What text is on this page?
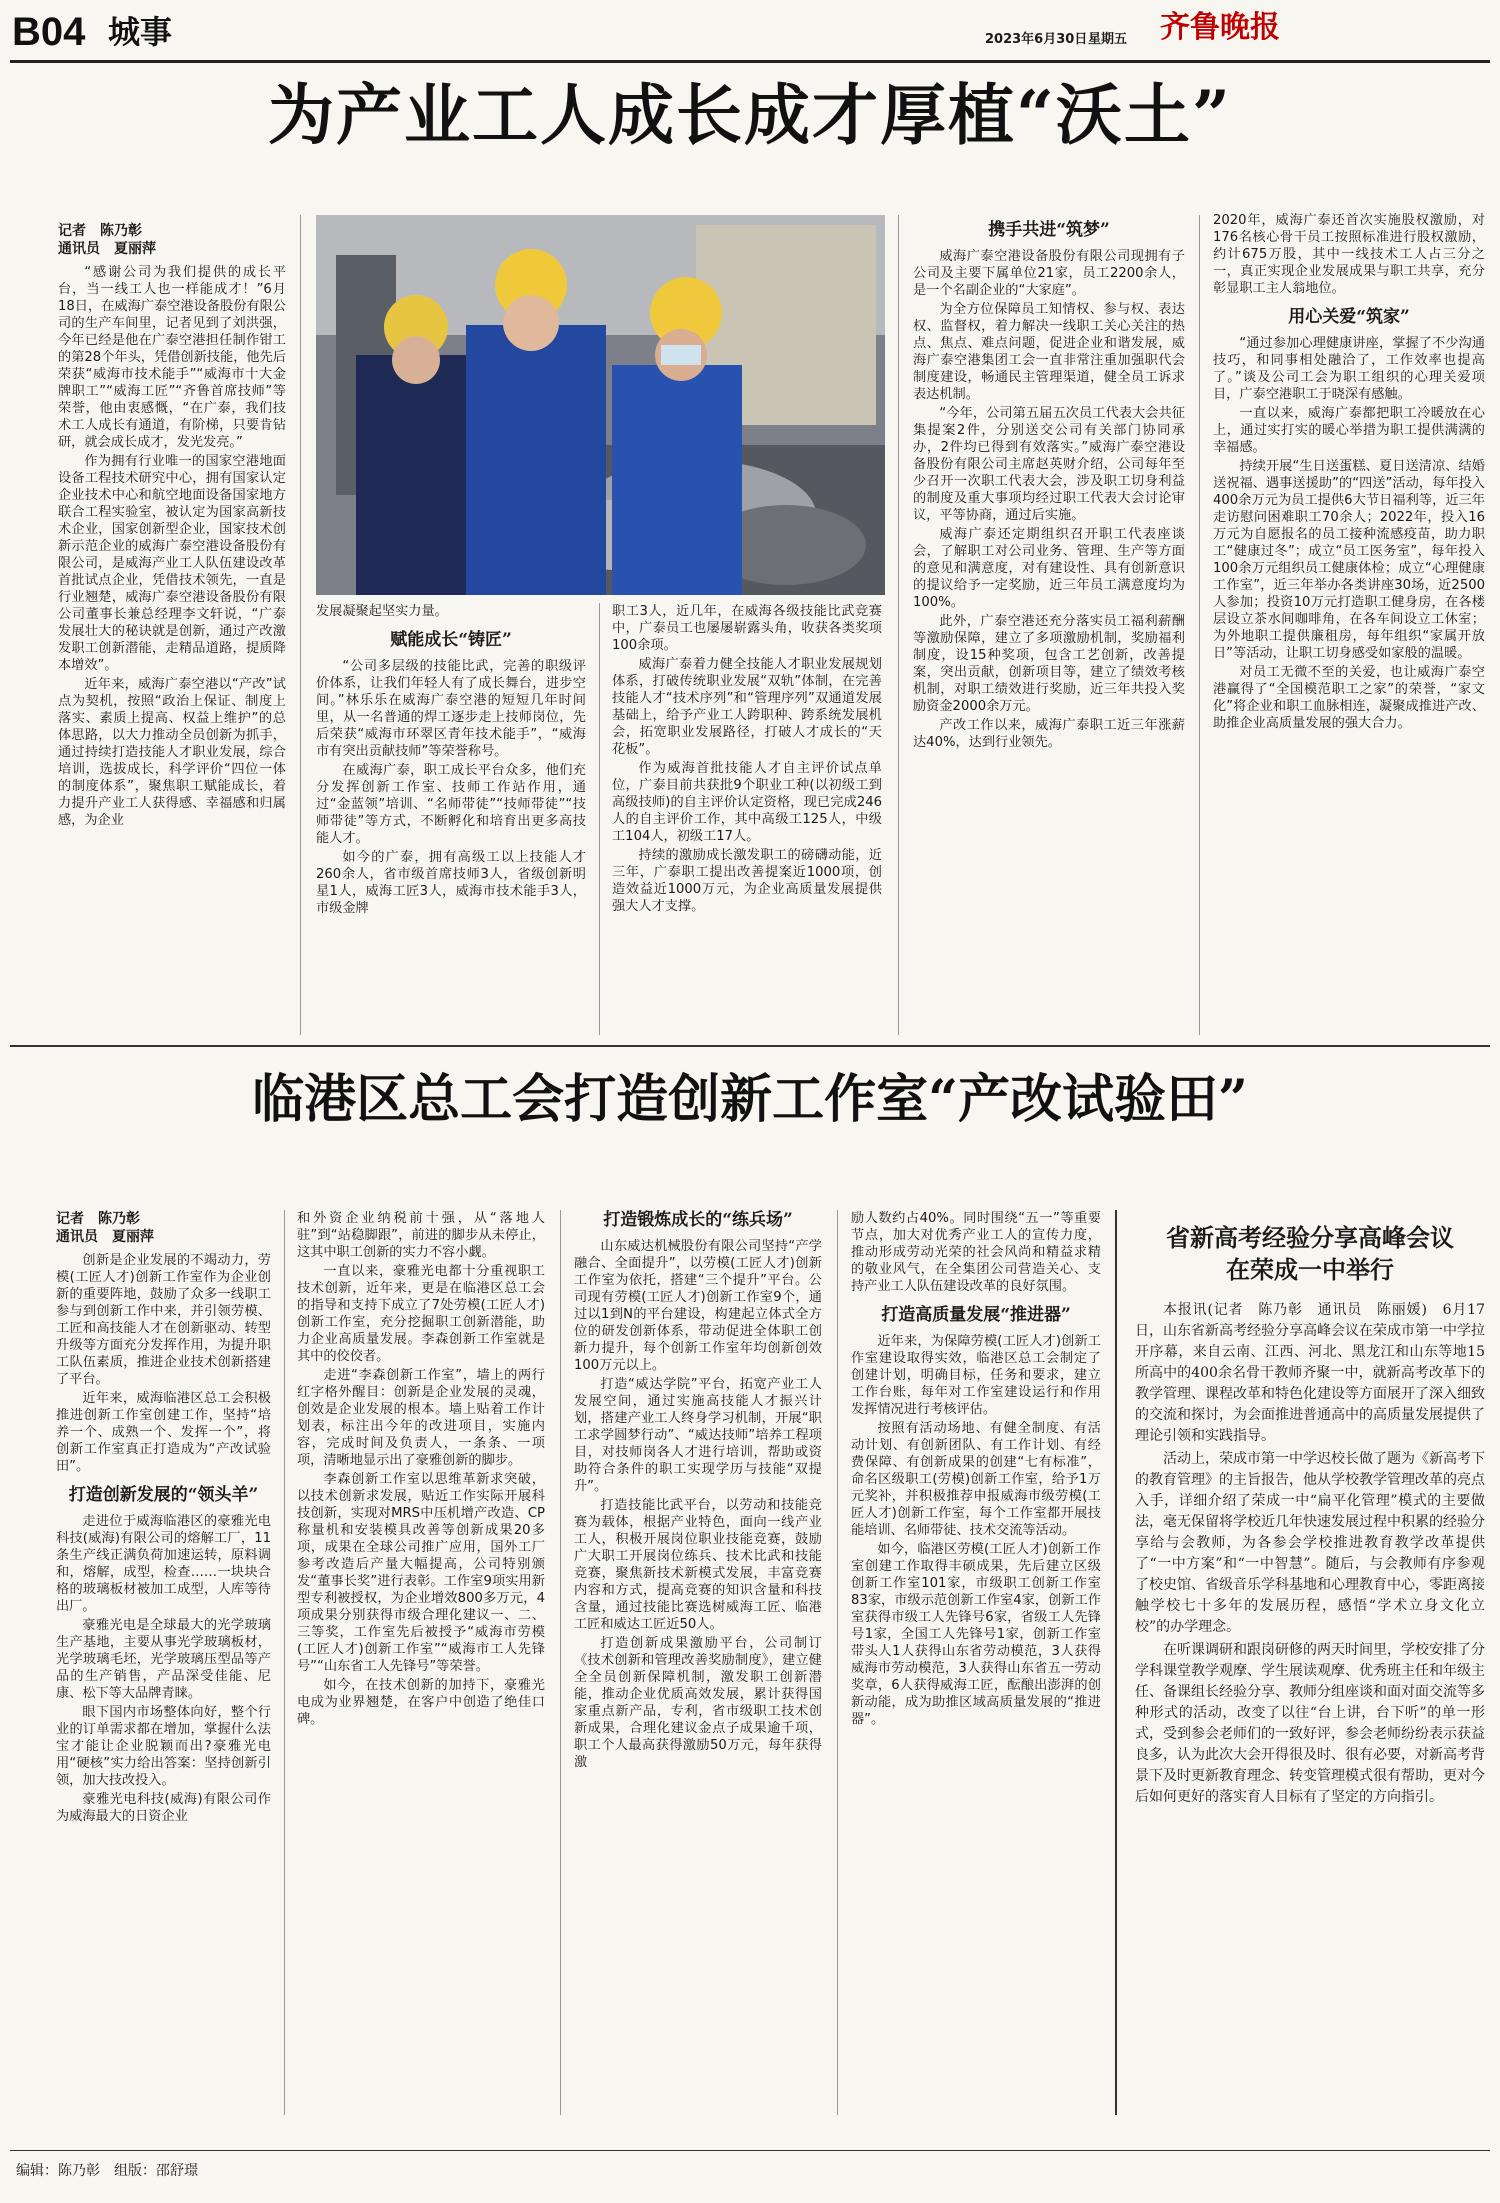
B04 城事	2023年6月30日 星期五 齐鲁晚报
为产业工人成长成才厚植“沃土”
记者　陈乃彰
通讯员　夏丽萍

“感谢公司为我们提供的成长平台，当一线工人也一样能成才！”6月18日，在威海广泰空港设备股份有限公司的生产车间里，记者见到了刘洪强，今年已经是他在广泰空港担任制作钳工的第28个年头，凭借创新技能，他先后荣获“威海市技术能手”“威海市十大金牌职工”“威海工匠”“齐鲁首席技师”等荣誉，他由衷感慨，“在广泰，我们技术工人成长有通道，有阶梯，只要肯钻研，就会成长成才，发光发亮。”

作为拥有行业唯一的国家空港地面设备工程技术研究中心，拥有国家认定企业技术中心和航空地面设备国家地方联合工程实验室，被认定为国家高新技术企业，国家创新型企业，国家技术创新示范企业的威海广泰空港设备股份有限公司，是威海产业工人队伍建设改革首批试点企业，凭借技术领先，一直是行业翘楚，威海广泰空港设备股份有限公司董事长兼总经理李文轩说，“广泰发展壮大的秘诀就是创新，通过产改激发职工创新潜能，走精品道路，提质降本增效”。

近年来，威海广泰空港以“产改”试点为契机，按照“政治上保证、制度上落实、素质上提高、权益上维护”的总体思路，以大力推动全员创新为抓手，通过持续打造技能人才职业发展，综合培训，选拔成长，科学评价“四位一体的制度体系”，聚焦职工赋能成长，着力提升产业工人获得感、幸福感和归属感，为企业

发展凝聚起坚实力量。

赋能成长“铸匠”

“公司多层级的技能比武，完善的职级评价体系，让我们年轻人有了成长舞台，进步空间。”林乐乐在威海广泰空港的短短几年时间里，从一名普通的焊工逐步走上技师岗位，先后荣获“威海市环翠区青年技术能手”，“威海市有突出贡献技师”等荣誉称号。

在威海广泰，职工成长平台众多，他们充分发挥创新工作室、技师工作站作用，通过“金蓝领”培训、“名师带徒”“技师带徒”“技师带徒”等方式，不断孵化和培育出更多高技能人才。

如今的广泰，拥有高级工以上技能人才260余人，省市级首席技师3人，省级创新明星1人，威海工匠3人，威海市技术能手3人，市级金牌

职工3人，近几年，在威海各级技能比武竞赛中，广泰员工也屡屡崭露头角，收获各类奖项100余项。

威海广泰着力健全技能人才职业发展规划体系，打破传统职业发展“双轨”体制，在完善技能人才“技术序列”和“管理序列”双通道发展基础上，给予产业工人跨职种、跨系统发展机会，拓宽职业发展路径，打破人才成长的“天花板”。

作为威海首批技能人才自主评价试点单位，广泰目前共获批9个职业工种(以初级工到高级技师)的自主评价认定资格，现已完成246人的自主评价工作，其中高级工125人，中级工104人，初级工17人。

持续的激励成长激发职工的磅礴动能，近三年，广泰职工提出改善提案近1000项，创造效益近1000万元，为企业高质量发展提供强大人才支撑。

携手共进“筑梦”

威海广泰空港设备股份有限公司现拥有子公司及主要下属单位21家，员工2200余人，是一个名副企业的“大家庭”。

为全方位保障员工知情权、参与权、表达权、监督权，着力解决一线职工关心关注的热点、焦点、难点问题，促进企业和谐发展，威海广泰空港集团工会一直非常注重加强职代会制度建设，畅通民主管理渠道，健全员工诉求表达机制。

“今年，公司第五届五次员工代表大会共征集提案2件，分别送交公司有关部门协同承办，2件均已得到有效落实。”威海广泰空港设备股份有限公司主席赵英财介绍，公司每年至少召开一次职工代表大会，涉及职工切身利益的制度及重大事项均经过职工代表大会讨论审议，平等协商，通过后实施。

威海广泰还定期组织召开职工代表座谈会，了解职工对公司业务、管理、生产等方面的意见和满意度，对有建设性、具有创新意识的提议给予一定奖励，近三年员工满意度均为100%。

此外，广泰空港还充分落实员工福利薪酬等激励保障，建立了多项激励机制，奖励福利制度，设15种奖项，包含工艺创新，改善提案，突出贡献，创新项目等，建立了绩效考核机制，对职工绩效进行奖励，近三年共投入奖励资金2000余万元。

产改工作以来，威海广泰职工近三年涨薪达40%，达到行业领先。

2020年，威海广泰还首次实施股权激励，对176名核心骨干员工按照标准进行股权激励，约计675万股，其中一线技术工人占三分之一，真正实现企业发展成果与职工共享，充分彰显职工主人翁地位。

用心关爱“筑家”

“通过参加心理健康讲座，掌握了不少沟通技巧，和同事相处融洽了，工作效率也提高了。”谈及公司工会为职工组织的心理关爱项目，广泰空港职工于晓深有感触。

一直以来，威海广泰都把职工冷暖放在心上，通过实打实的暖心举措为职工提供满满的幸福感。

持续开展“生日送蛋糕、夏日送清凉、结婚送祝福、遇事送援助”的“四送”活动，每年投入400余万元为员工提供6大节日福利等，近三年走访慰问困难职工70余人；2022年，投入16万元为自愿报名的员工接种流感疫苗，助力职工“健康过冬”；成立“员工医务室”，每年投入100余万元组织员工健康体检；成立“心理健康工作室”，近三年举办各类讲座30场，近2500人参加；投资10万元打造职工健身房，在各楼层设立茶水间咖啡角，在各车间设立工休室；为外地职工提供廉租房，每年组织“家属开放日”等活动，让职工切身感受如家般的温暖。

对员工无微不至的关爱，也让威海广泰空港赢得了“全国模范职工之家”的荣誉，“家文化”将企业和职工血脉相连，凝聚成推进产改、助推企业高质量发展的强大合力。

临港区总工会打造创新工作室“产改试验田”
记者　陈乃彰
通讯员　夏丽萍

创新是企业发展的不竭动力，劳模(工匠人才)创新工作室作为企业创新的重要阵地，鼓励了众多一线职工参与到创新工作中来，并引领劳模、工匠和高技能人才在创新驱动、转型升级等方面充分发挥作用，为提升职工队伍素质，推进企业技术创新搭建了平台。

近年来，威海临港区总工会积极推进创新工作室创建工作，坚持“培养一个、成熟一个、发挥一个”，将创新工作室真正打造成为“产改试验田”。

打造创新发展的“领头羊”

走进位于威海临港区的豪雅光电科技(威海)有限公司的熔解工厂，11条生产线正满负荷加速运转，原料调和，熔解，成型，检查……一块块合格的玻璃板材被加工成型，人库等待出厂。

豪雅光电是全球最大的光学玻璃生产基地，主要从事光学玻璃板材，光学玻璃毛坯，光学玻璃压型品等产品的生产销售，产品深受佳能、尼康、松下等大品牌青睐。

眼下国内市场整体向好，整个行业的订单需求都在增加，掌握什么法宝才能让企业脱颖而出?豪雅光电用“硬核”实力给出答案：坚持创新引领，加大技改投入。

豪雅光电科技(威海)有限公司作为威海最大的日资企业

和外资企业纳税前十强，从“落地人驻”到“站稳脚跟”，前进的脚步从未停止，这其中职工创新的实力不容小觑。

一直以来，豪雅光电都十分重视职工技术创新，近年来，更是在临港区总工会的指导和支持下成立了7处劳模(工匠人才)创新工作室，充分挖掘职工创新潜能，助力企业高质量发展。李森创新工作室就是其中的佼佼者。

走进“李森创新工作室”，墙上的两行红字格外醒目：创新是企业发展的灵魂，创效是企业发展的根本。墙上贴着工作计划表，标注出今年的改进项目，实施内容，完成时间及负责人，一条条、一项项，清晰地显示出了豪雅创新的脚步。

李森创新工作室以思维革新求突破，以技术创新求发展，贴近工作实际开展科技创新，实现对MRS中压机增产改造、CP称量机和安装模具改善等创新成果20多项，成果在全球公司推广应用，国外工厂参考改造后产量大幅提高，公司特别颁发“董事长奖”进行表彰。工作室9项实用新型专利被授权，为企业增效800多万元，4项成果分别获得市级合理化建议一、二、三等奖，工作室先后被授予“威海市劳模(工匠人才)创新工作室”“威海市工人先锋号”“山东省工人先锋号”等荣誉。

如今，在技术创新的加持下，豪雅光电成为业界翘楚，在客户中创造了绝佳口碑。

打造锻炼成长的“练兵场”

山东威达机械股份有限公司坚持“产学融合、全面提升”，以劳模(工匠人才)创新工作室为依托，搭建“三个提升”平台。公司现有劳模(工匠人才)创新工作室9个，通过以1到N的平台建设，构建起立体式全方位的研发创新体系，带动促进全体职工创新力提升，每个创新工作室年均创新创效100万元以上。

打造“威达学院”平台，拓宽产业工人发展空间，通过实施高技能人才振兴计划，搭建产业工人终身学习机制，开展“职工求学圆梦行动”、“威达技师”培养工程项目，对技师岗各人才进行培训，帮助或资助符合条件的职工实现学历与技能“双提升”。

打造技能比武平台，以劳动和技能竞赛为载体，根据产业特色，面向一线产业工人，积极开展岗位职业技能竞赛，鼓励广大职工开展岗位练兵、技术比武和技能竞赛，聚焦新技术新模式发展，丰富竞赛内容和方式，提高竞赛的知识含量和科技含量，通过技能比赛选树威海工匠、临港工匠和威达工匠近50人。

打造创新成果激励平台，公司制订《技术创新和管理改善奖励制度》，建立健全全员创新保障机制，激发职工创新潜能，推动企业优质高效发展，累计获得国家重点新产品，专利，省市级职工技术创新成果，合理化建议金点子成果逾千项，职工个人最高获得激励50万元，每年获得激

励人数约占40%。同时围绕“五一”等重要节点，加大对优秀产业工人的宣传力度，推动形成劳动光荣的社会风尚和精益求精的敬业风气，在全集团公司营造关心、支持产业工人队伍建设改革的良好氛围。

打造高质量发展“推进器”

近年来，为保障劳模(工匠人才)创新工作室建设取得实效，临港区总工会制定了创建计划，明确目标，任务和要求，建立工作台账，每年对工作室建设运行和作用发挥情况进行考核评估。

按照有活动场地、有健全制度、有活动计划、有创新团队、有工作计划、有经费保障、有创新成果的创建“七有标准”，命名区级职工(劳模)创新工作室，给予1万元奖补，并积极推荐申报威海市级劳模(工匠人才)创新工作室，每个工作室都开展技能培训、名师带徒、技术交流等活动。

如今，临港区劳模(工匠人才)创新工作室创建工作取得丰硕成果，先后建立区级创新工作室101家，市级职工创新工作室83家，市级示范创新工作室4家，创新工作室获得市级工人先锋号6家，省级工人先锋号1家，全国工人先锋号1家，创新工作室带头人1人获得山东省劳动模范，3人获得威海市劳动模范，3人获得山东省五一劳动奖章，6人获得威海工匠，酝酿出澎湃的创新动能，成为助推区域高质量发展的“推进器”。

省新高考经验分享高峰会议在荣成一中举行

本报讯(记者　陈乃彰　通讯员　陈丽媛)　6月17日，山东省新高考经验分享高峰会议在荣成市第一中学拉开序幕，来自云南、江西、河北、黑龙江和山东等地15所高中的400余名骨干教师齐聚一中，就新高考改革下的教学管理、课程改革和特色化建设等方面展开了深入细致的交流和探讨，为会面推进普通高中的高质量发展提供了理论引领和实践指导。

活动上，荣成市第一中学迟校长做了题为《新高考下的教育管理》的主旨报告，他从学校教学管理改革的亮点入手，详细介绍了荣成一中“扁平化管理”模式的主要做法，毫无保留将学校近几年快速发展过程中积累的经验分享给与会教师，为各参会学校推进教育教学改革提供了“一中方案”和“一中智慧”。随后，与会教师有序参观了校史馆、省级音乐学科基地和心理教育中心，零距离接触学校七十多年的发展历程，感悟“学术立身文化立校”的办学理念。

在听课调研和跟岗研修的两天时间里，学校安排了分学科课堂教学观摩、学生展读观摩、优秀班主任和年级主任、备课组长经验分享、教师分组座谈和面对面交流等多种形式的活动，改变了以往“台上讲，台下听”的单一形式，受到参会老师们的一致好评，参会老师纷纷表示获益良多，认为此次大会开得很及时、很有必要，对新高考背景下及时更新教育理念、转变管理模式很有帮助，更对今后如何更好的落实育人目标有了坚定的方向指引。

编辑：陈乃彰　组版：邵舒璟
